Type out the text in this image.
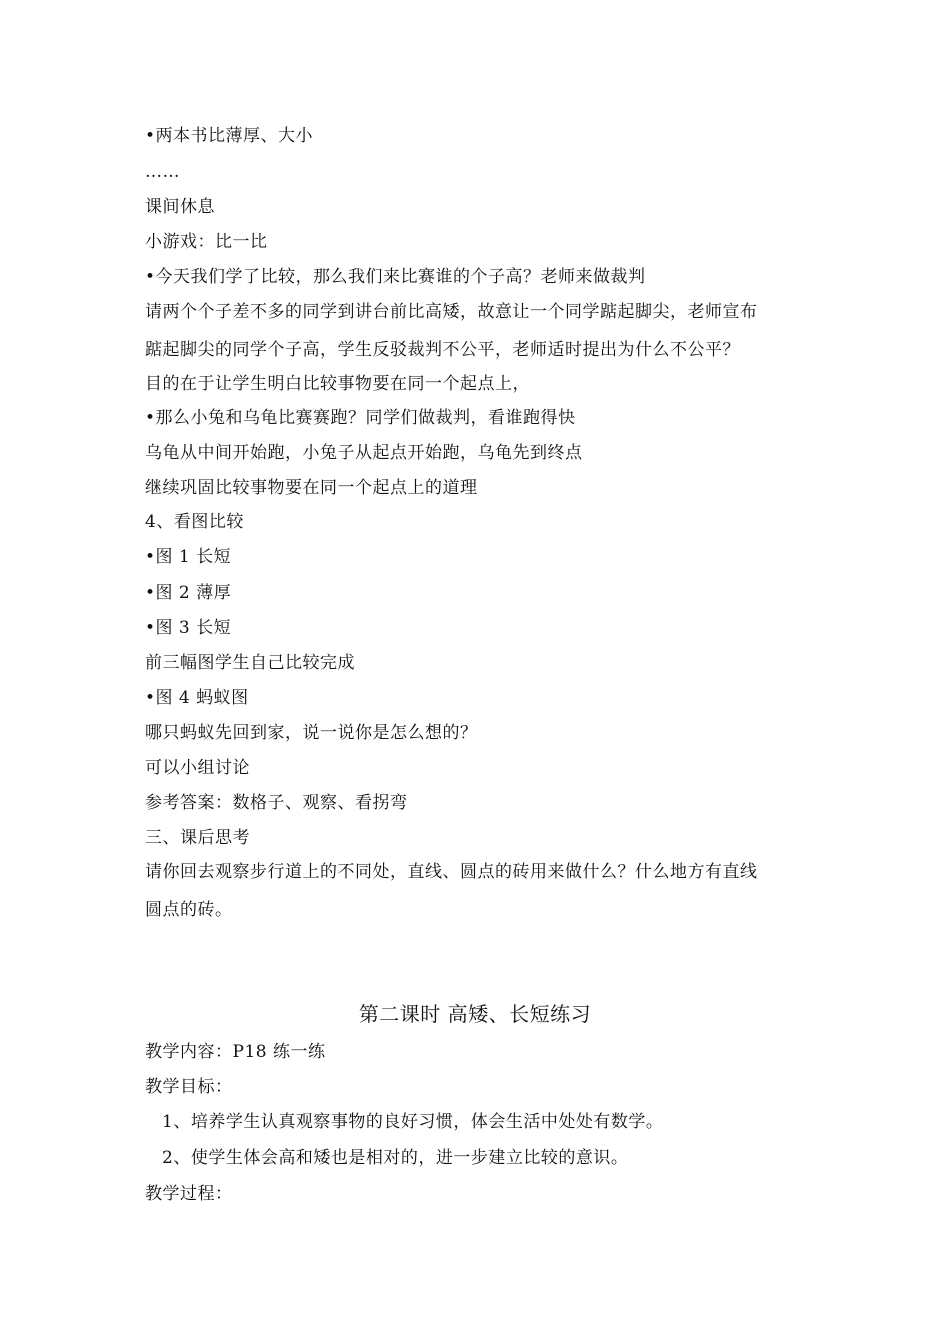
•两本书比薄厚、大小
……
课间休息
小游戏：比一比
•今天我们学了比较，那么我们来比赛谁的个子高？老师来做裁判
请两个个子差不多的同学到讲台前比高矮，故意让一个同学踮起脚尖，老师宣布
踮起脚尖的同学个子高，学生反驳裁判不公平，老师适时提出为什么不公平？
目的在于让学生明白比较事物要在同一个起点上，
•那么小兔和乌龟比赛赛跑？同学们做裁判，看谁跑得快
乌龟从中间开始跑，小兔子从起点开始跑，乌龟先到终点
继续巩固比较事物要在同一个起点上的道理
4、看图比较
•图 1 长短
•图 2 薄厚
•图 3 长短
前三幅图学生自己比较完成
•图 4 蚂蚁图
哪只蚂蚁先回到家，说一说你是怎么想的？
可以小组讨论
参考答案：数格子、观察、看拐弯
三、课后思考
请你回去观察步行道上的不同处，直线、圆点的砖用来做什么？什么地方有直线
圆点的砖。
第二课时 高矮、长短练习
教学内容：P18 练一练
教学目标：
1、培养学生认真观察事物的良好习惯，体会生活中处处有数学。
2、使学生体会高和矮也是相对的，进一步建立比较的意识。
教学过程：
